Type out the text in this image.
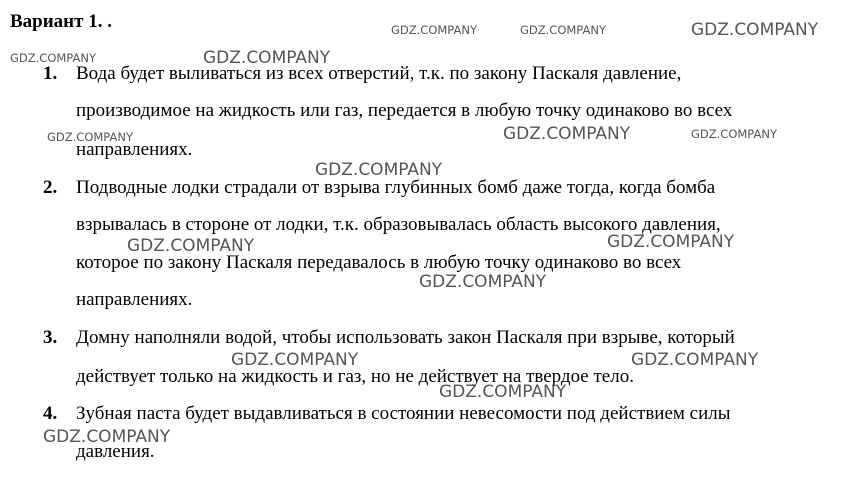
Вариант 1. .
1. Вода будет выливаться из всех отверстий, т.к. по закону Паскаля давление,
производимое на жидкость или газ, передается в любую точку одинаково во всех
направлениях.
2. Подводные лодки страдали от взрыва глубинных бомб даже тогда, когда бомба
взрывалась в стороне от лодки, т.к. образовывалась область высокого давления,
которое по закону Паскаля передавалось в любую точку одинаково во всех
направлениях.
3. Домну наполняли водой, чтобы использовать закон Паскаля при взрыве, который
действует только на жидкость и газ, но не действует на твердое тело.
4. Зубная паста будет выдавливаться в состоянии невесомости под действием силы
давления.
GDZ.COMPANY	GDZ.COMPANY	GDZ.COMPANY
GDZ.COMPANY	GDZ.COMPANY
GDZ.COMPANY	GDZ.COMPANY	GDZ.COMPANY
GDZ.COMPANY
GDZ.COMPANY	GDZ.COMPANY
GDZ.COMPANY
GDZ.COMPANY	GDZ.COMPANY
GDZ.COMPANY
GDZ.COMPANY
